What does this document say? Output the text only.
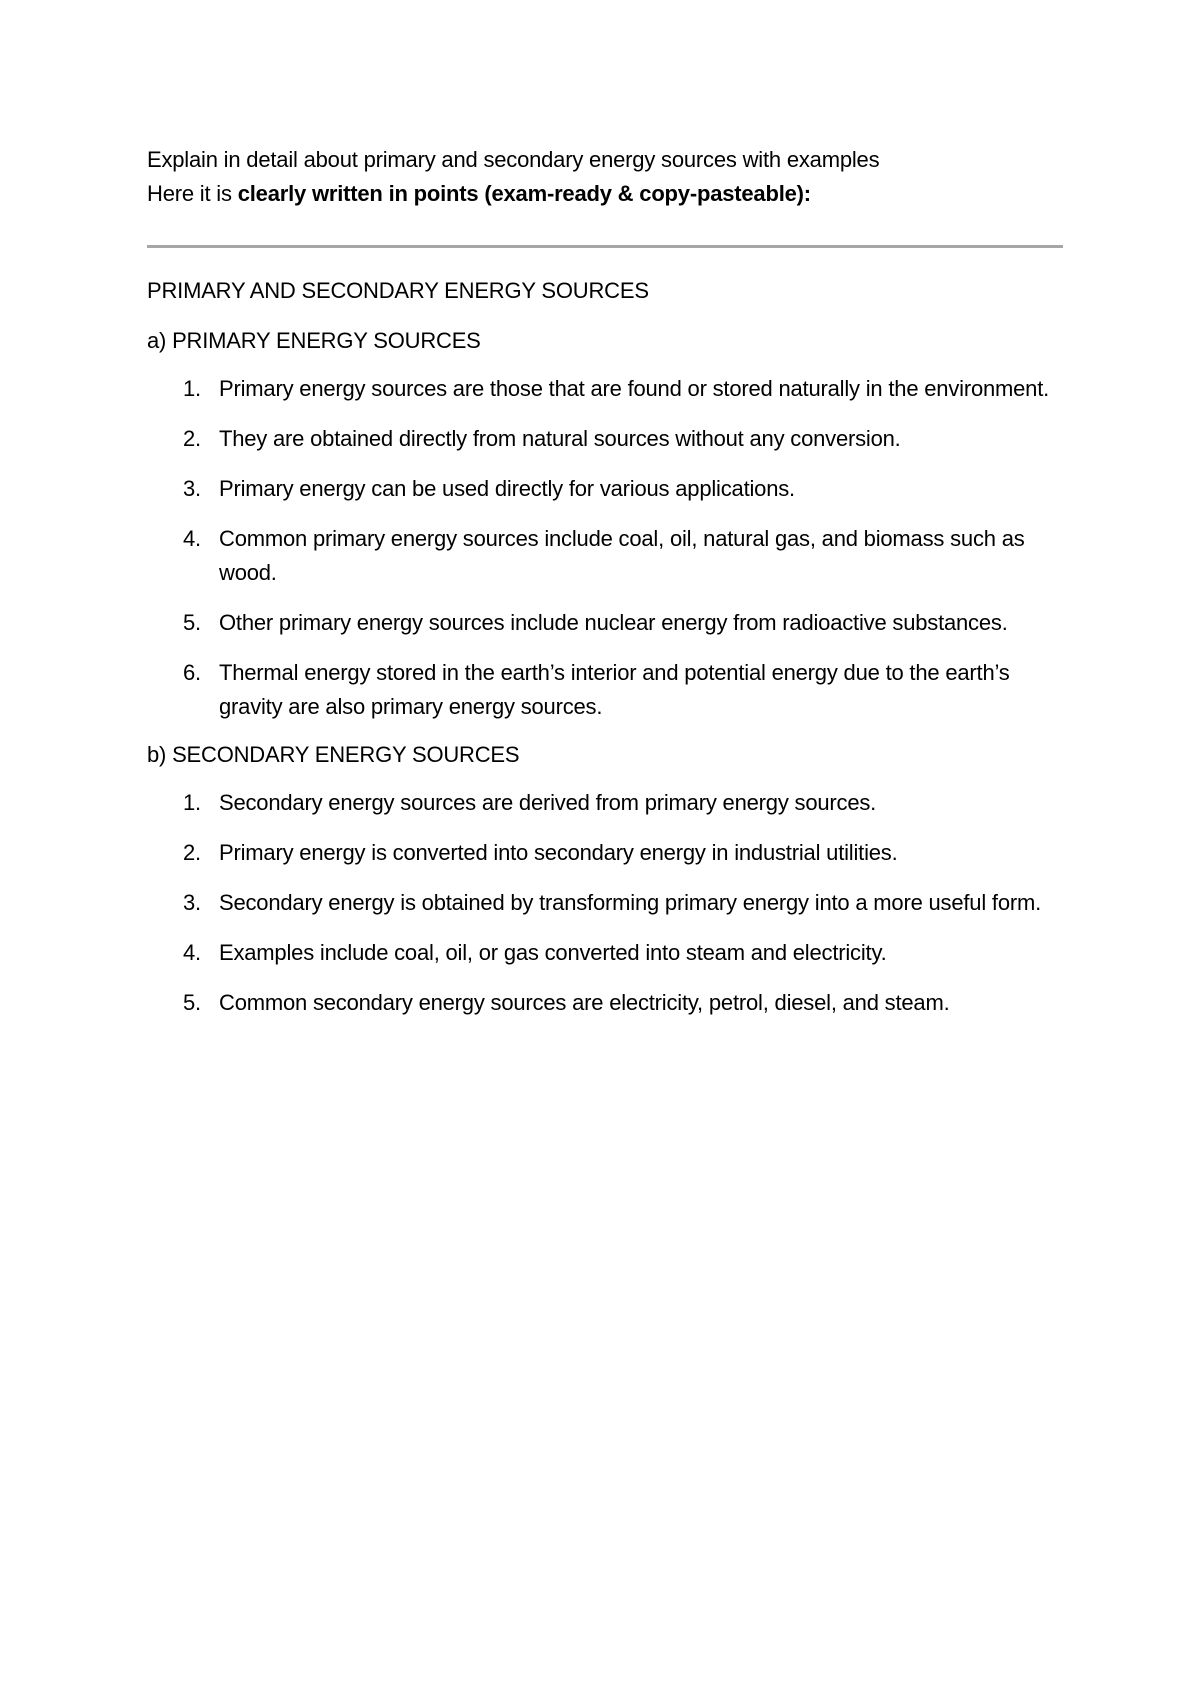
Explain in detail about primary and secondary energy sources with examples

Here it is clearly written in points (exam-ready & copy-pasteable):

PRIMARY AND SECONDARY ENERGY SOURCES

a) PRIMARY ENERGY SOURCES

1. Primary energy sources are those that are found or stored naturally in the environment.
2. They are obtained directly from natural sources without any conversion.
3. Primary energy can be used directly for various applications.
4. Common primary energy sources include coal, oil, natural gas, and biomass such as wood.
5. Other primary energy sources include nuclear energy from radioactive substances.
6. Thermal energy stored in the earth’s interior and potential energy due to the earth’s gravity are also primary energy sources.

b) SECONDARY ENERGY SOURCES

1. Secondary energy sources are derived from primary energy sources.
2. Primary energy is converted into secondary energy in industrial utilities.
3. Secondary energy is obtained by transforming primary energy into a more useful form.
4. Examples include coal, oil, or gas converted into steam and electricity.
5. Common secondary energy sources are electricity, petrol, diesel, and steam.
